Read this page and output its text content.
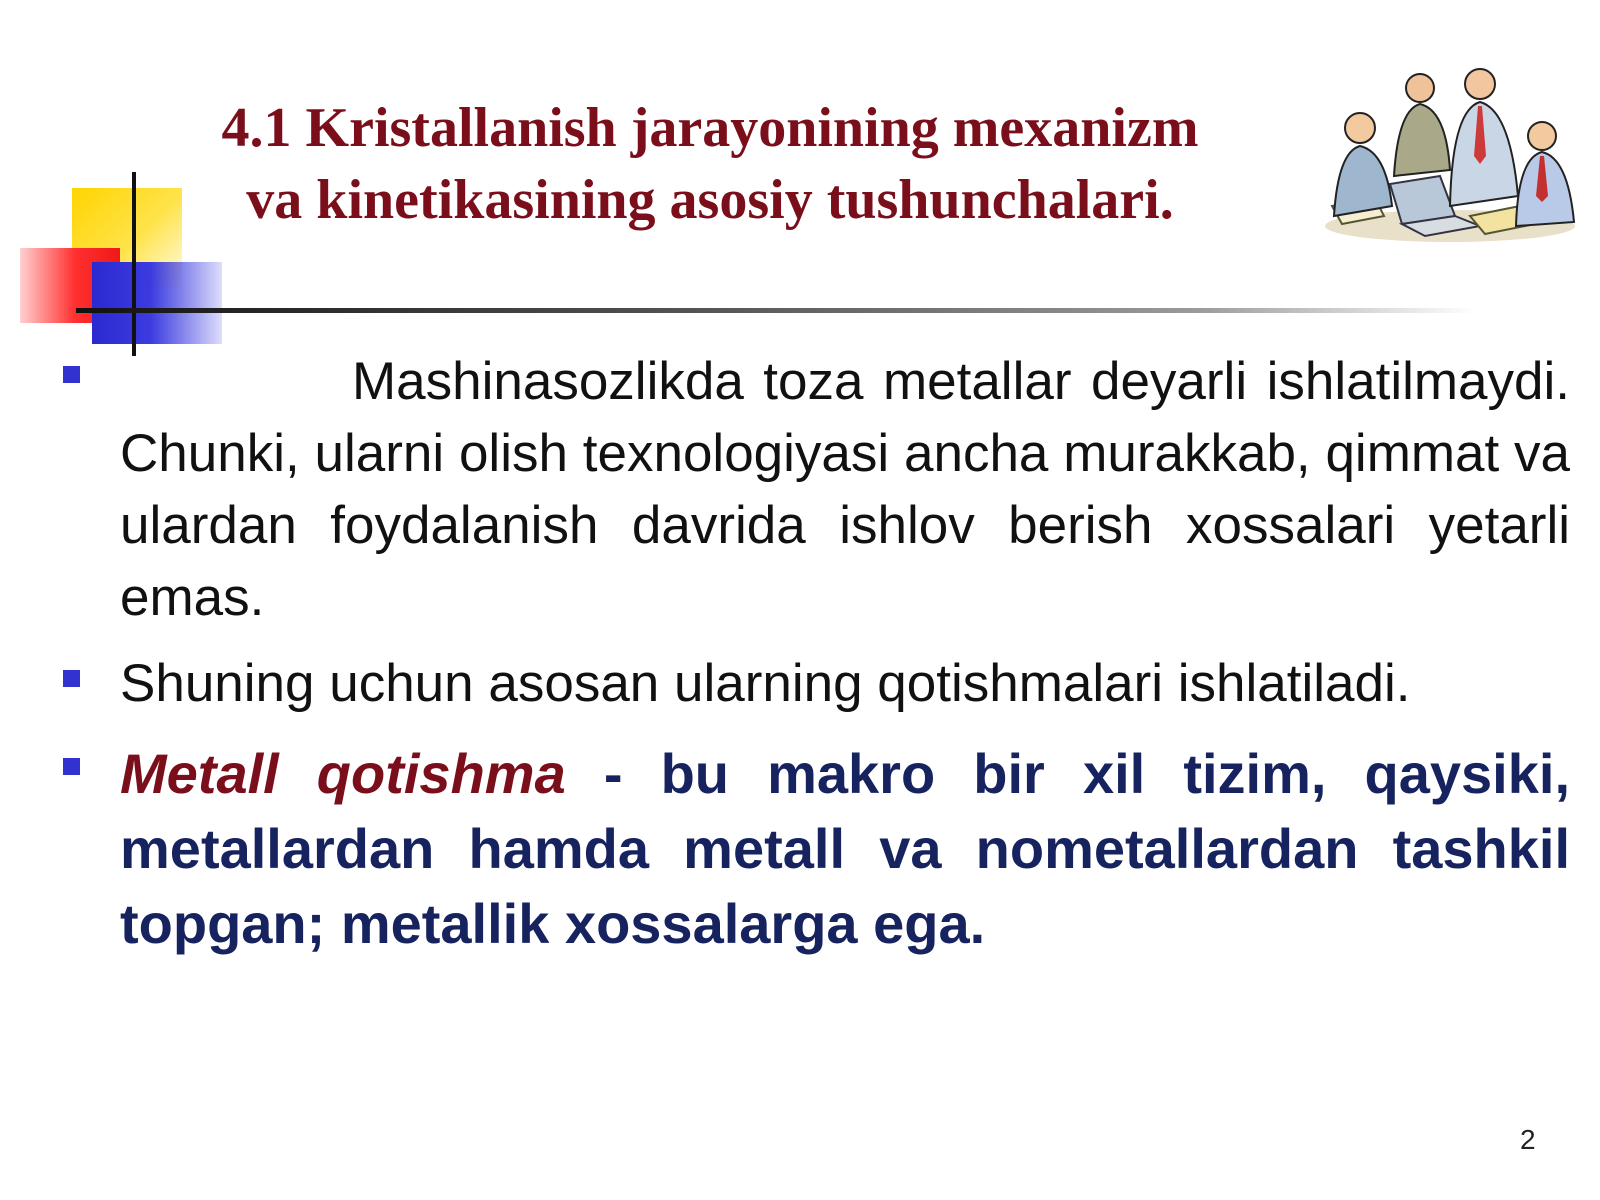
4.1 Kristallanish jarayonining mexanizm
va kinetikasining asosiy tushunchalari.
Mashinasozlikda toza metallar deyarli ishlatilmaydi. Chunki, ularni olish texnologiyasi ancha murakkab, qimmat va ulardan foydalanish davrida ishlov berish xossalari yetarli emas.
Shuning uchun asosan ularning qotishmalari ishlatiladi.
Metall qotishma - bu makro bir xil tizim, qaysiki, metallardan hamda metall va nometallardan tashkil topgan; metallik xossalarga ega.
2
